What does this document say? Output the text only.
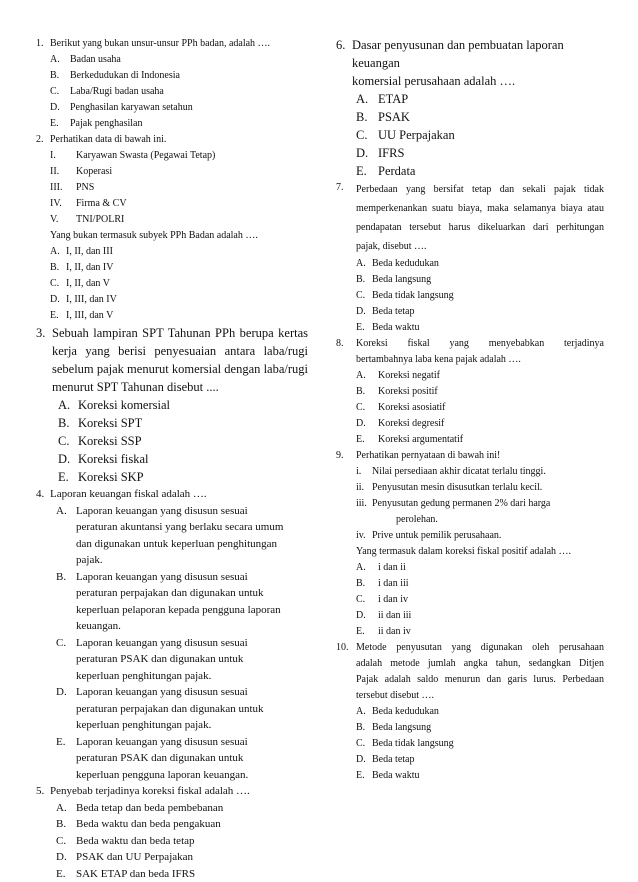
1. Berikut yang bukan unsur-unsur PPh badan, adalah ….
A.	Badan usaha
B.	Berkedudukan di Indonesia
C.	Laba/Rugi badan usaha
D.	Penghasilan karyawan setahun
E.	Pajak penghasilan
2. Perhatikan data di bawah ini.
I.	Karyawan Swasta (Pegawai Tetap)
II.	Koperasi
III.	PNS
IV.	Firma & CV
V.	TNI/POLRI
Yang bukan termasuk subyek PPh Badan adalah ….
A. I, II, dan III
B. I, II, dan IV
C. I, II, dan V
D. I, III, dan IV
E. I, III, dan V
3. Sebuah lampiran SPT Tahunan PPh berupa kertas
kerja yang berisi penyesuaian antara laba/rugi
sebelum pajak menurut komersial dengan laba/rugi
menurut SPT Tahunan disebut ....
A. Koreksi komersial
B. Koreksi SPT
C. Koreksi SSP
D. Koreksi fiskal
E. Koreksi SKP
4. Laporan keuangan fiskal adalah ….
A. Laporan keuangan yang disusun sesuai
peraturan akuntansi yang berlaku secara umum
dan digunakan untuk keperluan penghitungan
pajak.
B. Laporan keuangan yang disusun sesuai
peraturan perpajakan dan digunakan untuk
keperluan pelaporan kepada pengguna laporan
keuangan.
C. Laporan keuangan yang disusun sesuai
peraturan PSAK dan digunakan untuk
keperluan penghitungan pajak.
D. Laporan keuangan yang disusun sesuai
peraturan perpajakan dan digunakan untuk
keperluan penghitungan pajak.
E. Laporan keuangan yang disusun sesuai
peraturan PSAK dan digunakan untuk
keperluan pengguna laporan keuangan.
5. Penyebab terjadinya koreksi fiskal adalah ….
A. Beda tetap dan beda pembebanan
B. Beda waktu dan beda pengakuan
C. Beda waktu dan beda tetap
D. PSAK dan UU Perpajakan
E. SAK ETAP dan beda IFRS
6. Dasar penyusunan dan pembuatan laporan keuangan
komersial perusahaan adalah ….
A. ETAP
B. PSAK
C. UU Perpajakan
D. IFRS
E. Perdata
7.	Perbedaan yang bersifat tetap dan sekali pajak tidak
memperkenankan suatu biaya, maka selamanya biaya atau
pendapatan tersebut harus dikeluarkan dari perhitungan
pajak, disebut ….
A. Beda kedudukan
B. Beda langsung
C. Beda tidak langsung
D. Beda tetap
E. Beda waktu
8.	Koreksi fiskal yang menyebabkan terjadinya
bertambahnya laba kena pajak adalah ….
A.	Koreksi negatif
B.	Koreksi positif
C.	Koreksi asosiatif
D.	Koreksi degresif
E.	Koreksi argumentatif
9.	Perhatikan pernyataan di bawah ini!
i.	Nilai persediaan akhir dicatat terlalu tinggi.
ii. Penyusutan mesin disusutkan terlalu kecil.
iii. Penyusutan gedung permanen 2% dari harga
perolehan.
iv. Prive untuk pemilik perusahaan.
Yang termasuk dalam koreksi fiskal positif adalah ….
A.	i dan ii
B.	i dan iii
C.	i dan iv
D.	ii dan iii
E.	ii dan iv
10. Metode penyusutan yang digunakan oleh perusahaan
adalah metode jumlah angka tahun, sedangkan Ditjen
Pajak adalah saldo menurun dan garis lurus. Perbedaan
tersebut disebut ….
A. Beda kedudukan
B. Beda langsung
C. Beda tidak langsung
D. Beda tetap
E. Beda waktu
